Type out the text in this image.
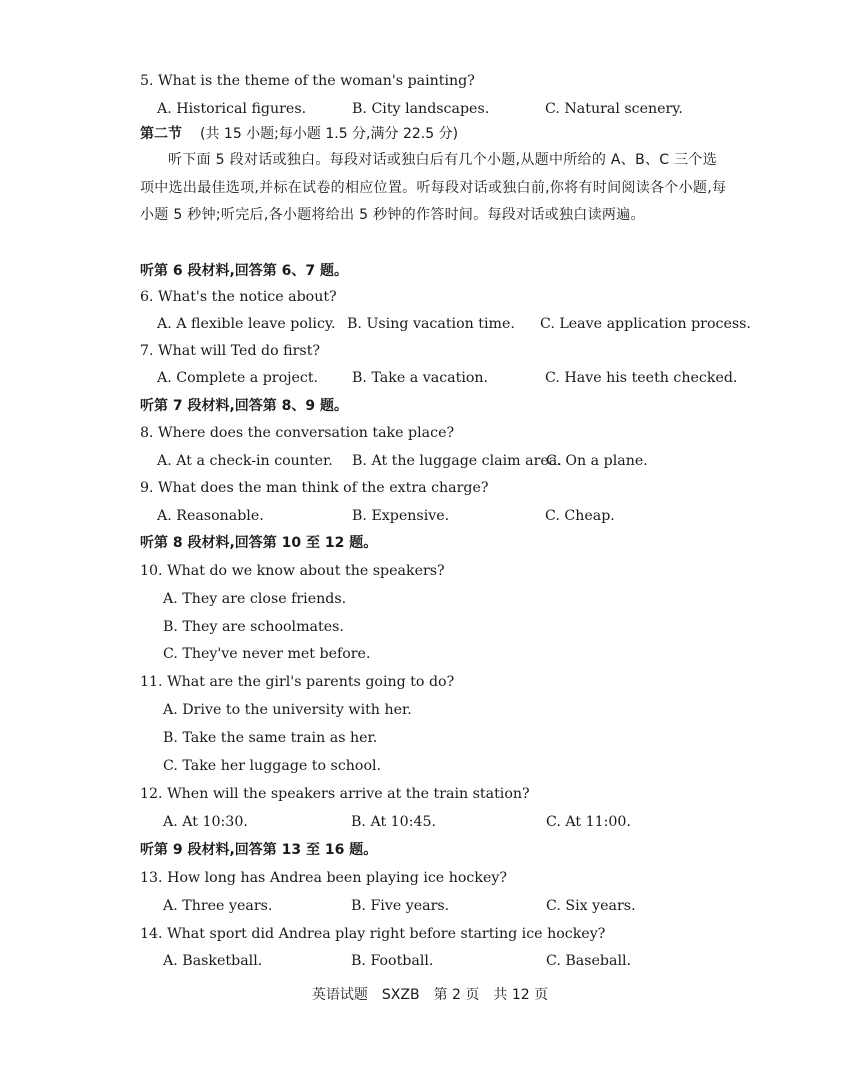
5. What is the theme of the woman's painting?
A. Historical figures.	B. City landscapes.	C. Natural scenery.
第二节 (共 15 小题;每小题 1.5 分,满分 22.5 分)
听下面 5 段对话或独白。每段对话或独白后有几个小题,从题中所给的 A、B、C 三个选项中选出最佳选项,并标在试卷的相应位置。听每段对话或独白前,你将有时间阅读各个小题,每小题 5 秒钟;听完后,各小题将给出 5 秒钟的作答时间。每段对话或独白读两遍。
听第 6 段材料,回答第 6、7 题。
6. What's the notice about?
A. A flexible leave policy. B. Using vacation time. C. Leave application process.
7. What will Ted do first?
A. Complete a project. B. Take a vacation.	C. Have his teeth checked.
听第 7 段材料,回答第 8、9 题。
8. Where does the conversation take place?
A. At a check-in counter. B. At the luggage claim area.
C. On a plane.
9. What does the man think of the extra charge?
A. Reasonable.	B. Expensive.	C. Cheap.
听第 8 段材料,回答第 10 至 12 题。
10. What do we know about the speakers?
A. They are close friends.
B. They are schoolmates.
C. They've never met before.
11. What are the girl's parents going to do?
A. Drive to the university with her.
B. Take the same train as her.
C. Take her luggage to school.
12. When will the speakers arrive at the train station?
A. At 10:30.	B. At 10:45.	C. At 11:00.
听第 9 段材料,回答第 13 至 16 题。
13. How long has Andrea been playing ice hockey?
A. Three years.	B. Five years.	C. Six years.
14. What sport did Andrea play right before starting ice hockey?
A. Basketball.	B. Football.	C. Baseball.
英语试题　SXZB　第 2 页　共 12 页
